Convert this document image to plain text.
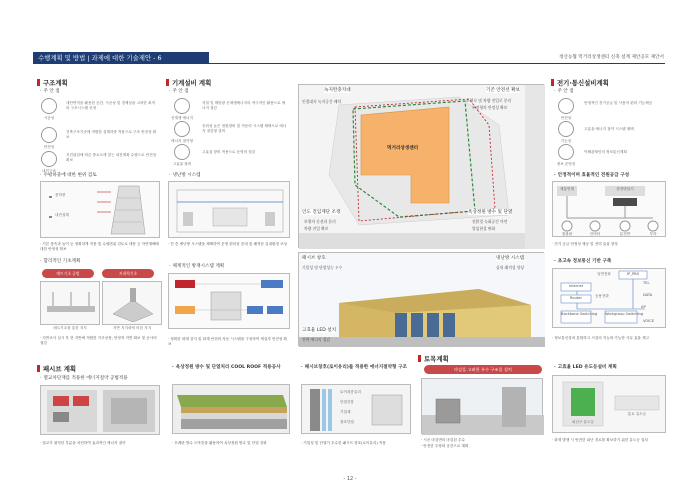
수행계획 및 방법 | 과제에 대한 기술제안 - 6	청산농협 먹거리상생센터 신축 설계 제안공모 제안서
구조계획
· 주 안 점
시공성
대단면적을 활용한 공간, 시공성 및 경제성을 고려한 최적의 구조시스템 선정
안전성
건축구조기준에 적합한 설계하중 적용으로 구조 안전성 확보
내진구조
지진위험에 따른 중요도에 맞는 내진계획 수립으로 안전성 확보
· 수평하중에 대한 변위 검토
풍하중
내진설계
· 기본 풍속과 높이 등 정확하게 적용 및 수평변위 검토로 태풍 등 자연재해에 대한 안정성 확보
· 합리적인 기초계획
매트기초 공법	지내력기초
매트기초를 통한 지지	지반 지지력에 의한 지지
· 지반조사 실시 후 현 지반에 적합한 기초선정, 안정적 지반 확보 및 공사비 절감
패시브 계획
· 열교차단재를 적용한 에너지절약 공법적용
· 열교가 취약한 부분을 차단하여 효과적인 에너지 절약
기계설비 계획
· 주 안 점
신재생 에너지
지열 및 태양광 신재생에너지의 적극적인 활용으로 에너지 절감
에너지 절약형
신뢰성 높은 열원장비 및 저동력 시스템 채택으로 에너지 절감형 설비
고효율 장비
고효율 장비 적용으로 운영비 절감
· 냉난방 시스템
· 전 층 냉난방 시스템을 채택하여 운영 편의성 증대 및 쾌적한 실내환경 조성
· 체계적인 방재시스템 계획
· 정확한 화재 감지 및 화재 안전의 자동 시스템을 구성하여 재실자 안전성 확보
· 옥상정원 방수 및 단열처리 COOL ROOF 적용공사
· 우레탄 방수 도막층을 활용하여 옥상정원 방수 및 단열 강화
먹거리상생센터
녹지완충지대
인접대지 녹지공간 배치
기존 안전선 확보
보행로 및 차량 진입로 분리
부정형의 안정성 확보
인도 진입계단 조정
보행자 동선과 분리
차량 진입 확보
옥상정원 방수 및 단열
친환경 녹화공간 마련
열섬현상 완화
패시브 창호
기밀성 및 단열성능 우수
냉난방 시스템
실내 쾌적성 향상
고효율 LED 설치
전력 에너지 절감
· 패시브창호(로이유리)를 적용한 에너지절약형 구조
로이복층유리
단열간봉
기밀재
창호단열
· 기밀성 및 단열이 우수한 패시브 창호(로이유리) 적용
토목계획
마감을 고려한 우수 구조물 설치
· 시공 마감면의 마감된 우수
· 안전한 우장화 공간으로 계획
전기·통신설비계획
· 주 안 점
안전성
안정적인 전기공급 및 사용자 편의 기능제공
기능성
고효율 에너지 절약 시스템 채택
정보 운영성
이해관계인의 정보통신계획
· 안정적이며 효율적인 전원공급 구성
계통연계	한전변압기
집광판	인버터	분전반	부하
· 전기 공급 안정성 제공 및 전력 효율 향상
· 초고속 정보통신 기반 구축
IP_PBX
Internet
Router
Backbone Switching Workgroup Switching
TEL
DATA
VOICE
AP
일반전화
공용전화
· 정보통신설비 통합하고 시설의 지능화 가능한 사무 효율 제고
· 고효율 LED 유도등설비 계획
피난구 유도등
통로 유도등
· 화재 발생 시 안전한 피난 경로를 확보하기 위한 유도등 설치
- 12 -
